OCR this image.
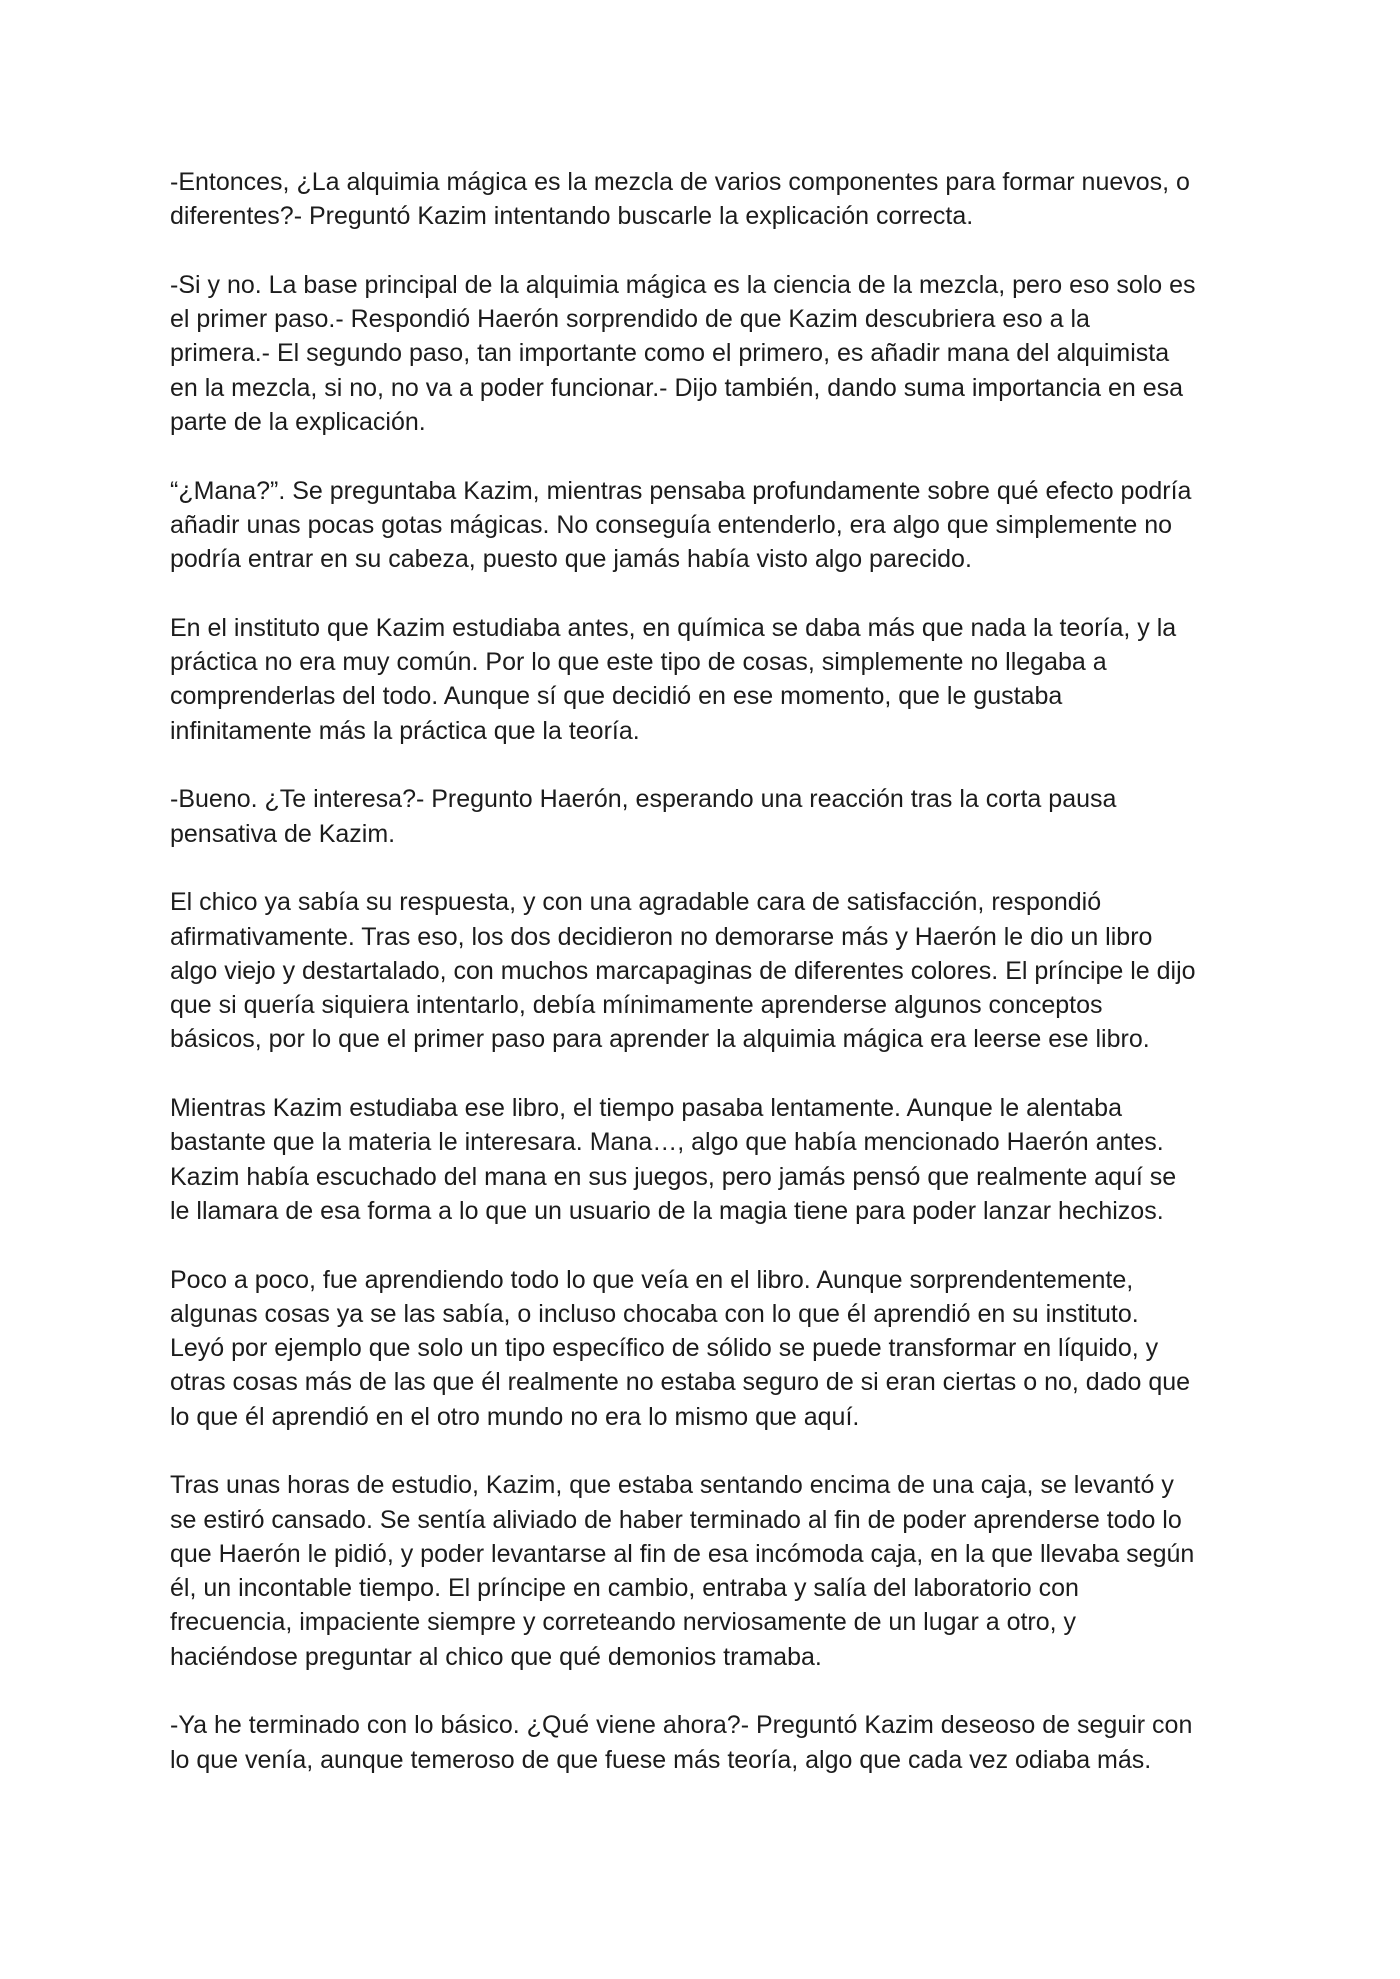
-Entonces, ¿La alquimia mágica es la mezcla de varios componentes para formar nuevos, o
diferentes?- Preguntó Kazim intentando buscarle la explicación correcta.

-Si y no. La base principal de la alquimia mágica es la ciencia de la mezcla, pero eso solo es
el primer paso.- Respondió Haerón sorprendido de que Kazim descubriera eso a la
primera.- El segundo paso, tan importante como el primero, es añadir mana del alquimista
en la mezcla, si no, no va a poder funcionar.- Dijo también, dando suma importancia en esa
parte de la explicación.

“¿Mana?”. Se preguntaba Kazim, mientras pensaba profundamente sobre qué efecto podría
añadir unas pocas gotas mágicas. No conseguía entenderlo, era algo que simplemente no
podría entrar en su cabeza, puesto que jamás había visto algo parecido.

En el instituto que Kazim estudiaba antes, en química se daba más que nada la teoría, y la
práctica no era muy común. Por lo que este tipo de cosas, simplemente no llegaba a
comprenderlas del todo. Aunque sí que decidió en ese momento, que le gustaba
infinitamente más la práctica que la teoría.

-Bueno. ¿Te interesa?- Pregunto Haerón, esperando una reacción tras la corta pausa
pensativa de Kazim.

El chico ya sabía su respuesta, y con una agradable cara de satisfacción, respondió
afirmativamente. Tras eso, los dos decidieron no demorarse más y Haerón le dio un libro
algo viejo y destartalado, con muchos marcapaginas de diferentes colores. El príncipe le dijo
que si quería siquiera intentarlo, debía mínimamente aprenderse algunos conceptos
básicos, por lo que el primer paso para aprender la alquimia mágica era leerse ese libro.

Mientras Kazim estudiaba ese libro, el tiempo pasaba lentamente. Aunque le alentaba
bastante que la materia le interesara. Mana…, algo que había mencionado Haerón antes.
Kazim había escuchado del mana en sus juegos, pero jamás pensó que realmente aquí se
le llamara de esa forma a lo que un usuario de la magia tiene para poder lanzar hechizos.

Poco a poco, fue aprendiendo todo lo que veía en el libro. Aunque sorprendentemente,
algunas cosas ya se las sabía, o incluso chocaba con lo que él aprendió en su instituto.
Leyó por ejemplo que solo un tipo específico de sólido se puede transformar en líquido, y
otras cosas más de las que él realmente no estaba seguro de si eran ciertas o no, dado que
lo que él aprendió en el otro mundo no era lo mismo que aquí.

Tras unas horas de estudio, Kazim, que estaba sentando encima de una caja, se levantó y
se estiró cansado. Se sentía aliviado de haber terminado al fin de poder aprenderse todo lo
que Haerón le pidió, y poder levantarse al fin de esa incómoda caja, en la que llevaba según
él, un incontable tiempo. El príncipe en cambio, entraba y salía del laboratorio con
frecuencia, impaciente siempre y correteando nerviosamente de un lugar a otro, y
haciéndose preguntar al chico que qué demonios tramaba.

-Ya he terminado con lo básico. ¿Qué viene ahora?- Preguntó Kazim deseoso de seguir con
lo que venía, aunque temeroso de que fuese más teoría, algo que cada vez odiaba más.
